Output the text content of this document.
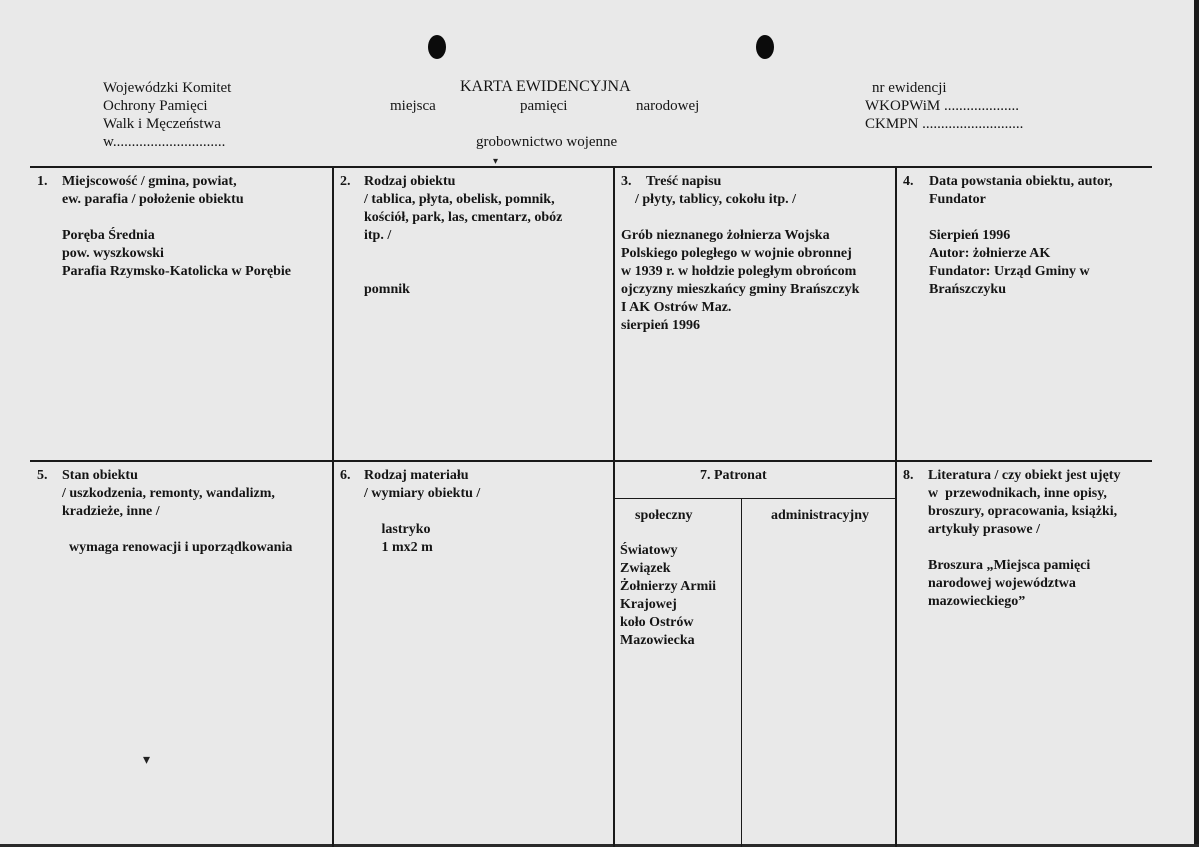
Wojewódzki Komitet
Ochrony Pamięci
Walk i Męczeństwa
w..............................
KARTA EWIDENCYJNA
miejsca	pamięci	narodowej
grobownictwo wojenne
nr ewidencji
WKOPWiM ....................
CKMPN ...........................
1. Miejscowość / gmina, powiat,
ew. parafia / położenie obiektu

Poręba Średnia
pow. wyszkowski
Parafia Rzymsko-Katolicka w Porębie
2. Rodzaj obiektu
/ tablica, płyta, obelisk, pomnik,
kościół, park, las, cmentarz, obóz
itp. /

pomnik
3.	Treść napisu
/ płyty, tablicy, cokołu itp. /

Grób nieznanego żołnierza Wojska
Polskiego poległego w wojnie obronnej
w 1939 r. w hołdzie poległym obrońcom
ojczyzny mieszkańcy gminy Brańszczyk
I AK Ostrów Maz.
sierpień 1996
4. Data powstania obiektu, autor,
Fundator

Sierpień 1996
Autor: żołnierze AK
Fundator: Urząd Gminy w
Brańszczyku
5. Stan obiektu
/ uszkodzenia, remonty, wandalizm,
kradzieże, inne /

wymaga renowacji i uporządkowania
6. Rodzaj materiału
/ wymiary obiektu /

lastryko
1 mx2 m
7. Patronat
społeczny	administracyjny
Światowy
Związek
Żołnierzy Armii
Krajowej
koło Ostrów
Mazowiecka
8. Literatura / czy obiekt jest ujęty
w  przewodnikach, inne opisy,
broszury, opracowania, książki,
artykuły prasowe /

Broszura „Miejsca pamięci
narodowej województwa
mazowieckiego”
▾
▾
